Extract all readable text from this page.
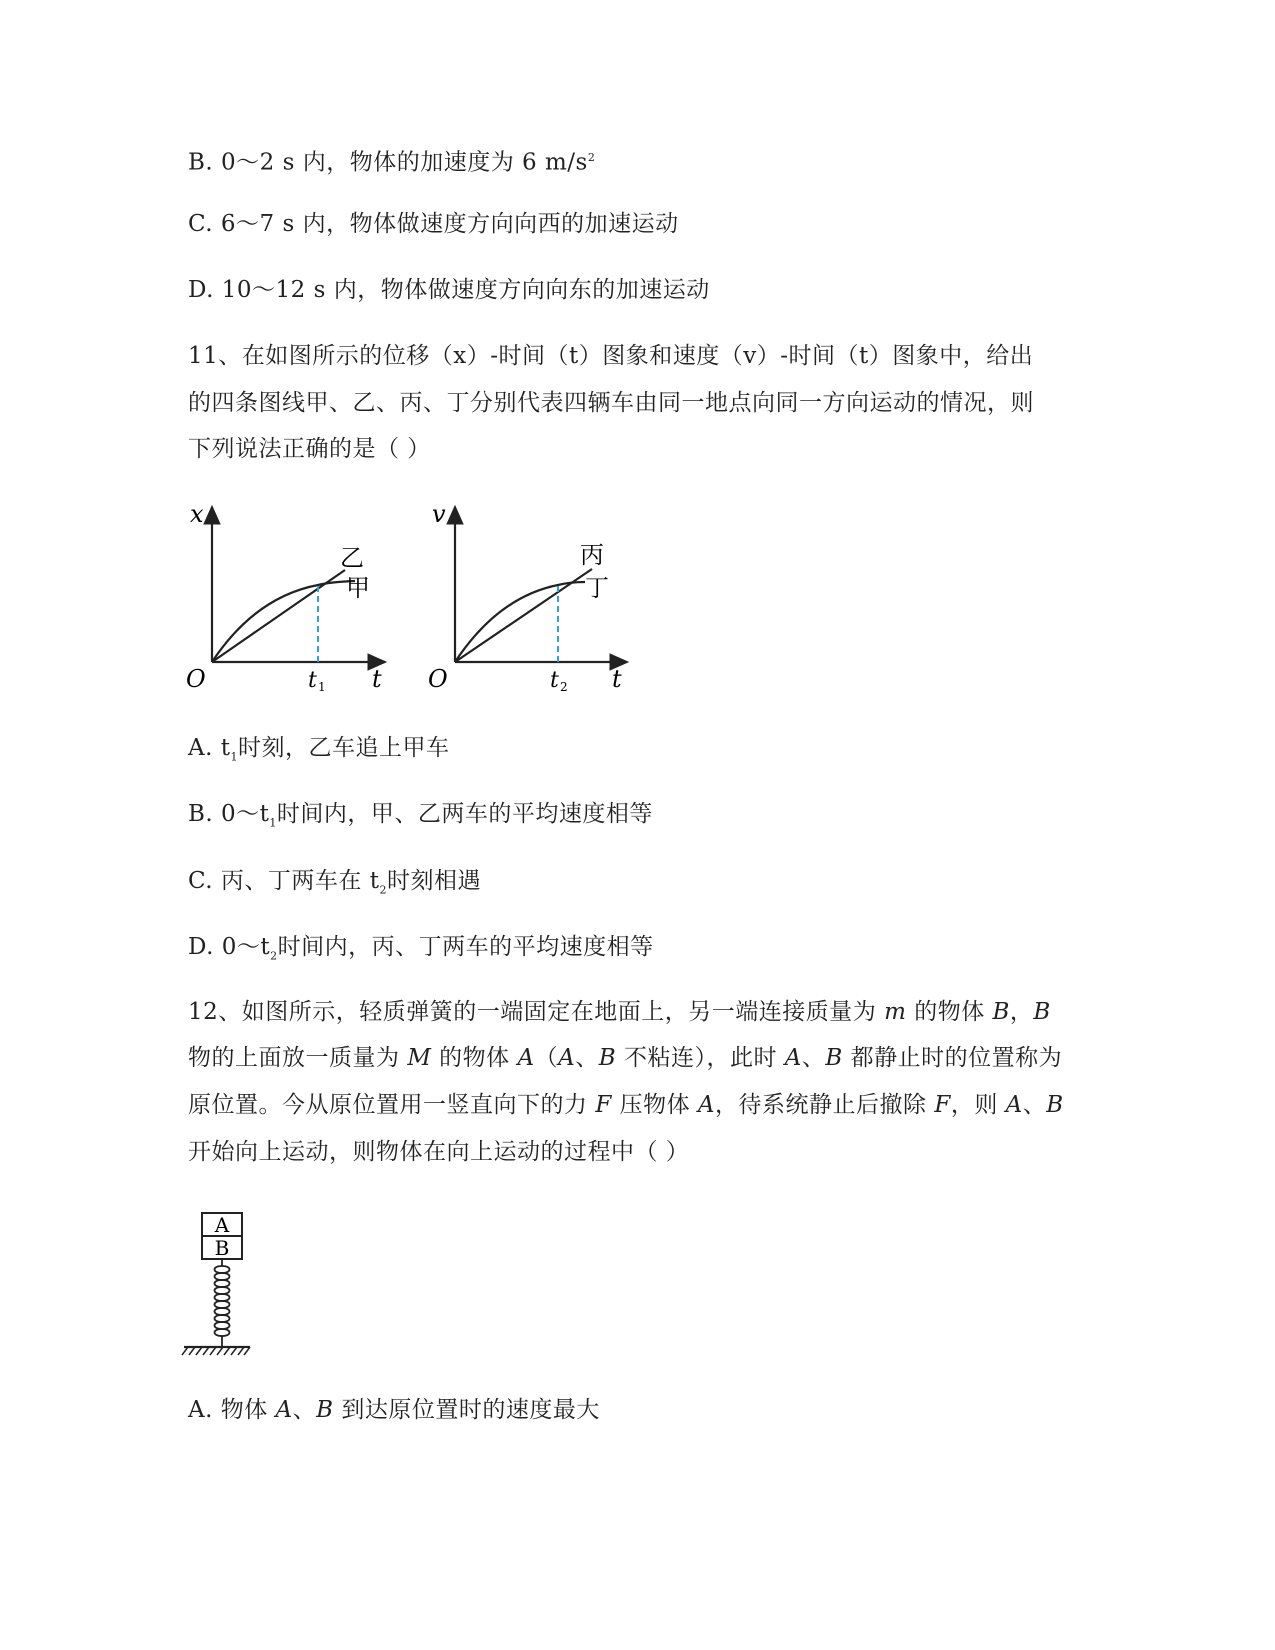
B. 0～2 s 内，物体的加速度为 6 $m/s^2$
C. 6～7 s 内，物体做速度方向向西的加速运动
D. 10～12 s 内，物体做速度方向向东的加速运动
11、在如图所示的位移（x）-时间（t）图象和速度（v）-时间（t）图象中，给出
的四条图线甲、乙、丙、丁分别代表四辆车由同一地点向同一方向运动的情况，则
下列说法正确的是（ ）
x
O	t 1 t
乙
甲
v
O	t 2 t
丙
丁
A. $t_1$时刻，乙车追上甲车
B. $0\sim t_1$时间内，甲、乙两车的平均速度相等
C. 丙、丁两车在 $t_2$时刻相遇
D. $0\sim t_2$时间内，丙、丁两车的平均速度相等
12、如图所示，轻质弹簧的一端固定在地面上，另一端连接质量为 m 的物体 B，B
物的上面放一质量为 M 的物体 A（A、B 不粘连），此时 A、B 都静止时的位置称为
原位置。今从原位置用一竖直向下的力 F 压物体 A，待系统静止后撤除 F，则 A、B
开始向上运动，则物体在向上运动的过程中（ ）
A
B
A. 物体 A、B 到达原位置时的速度最大
